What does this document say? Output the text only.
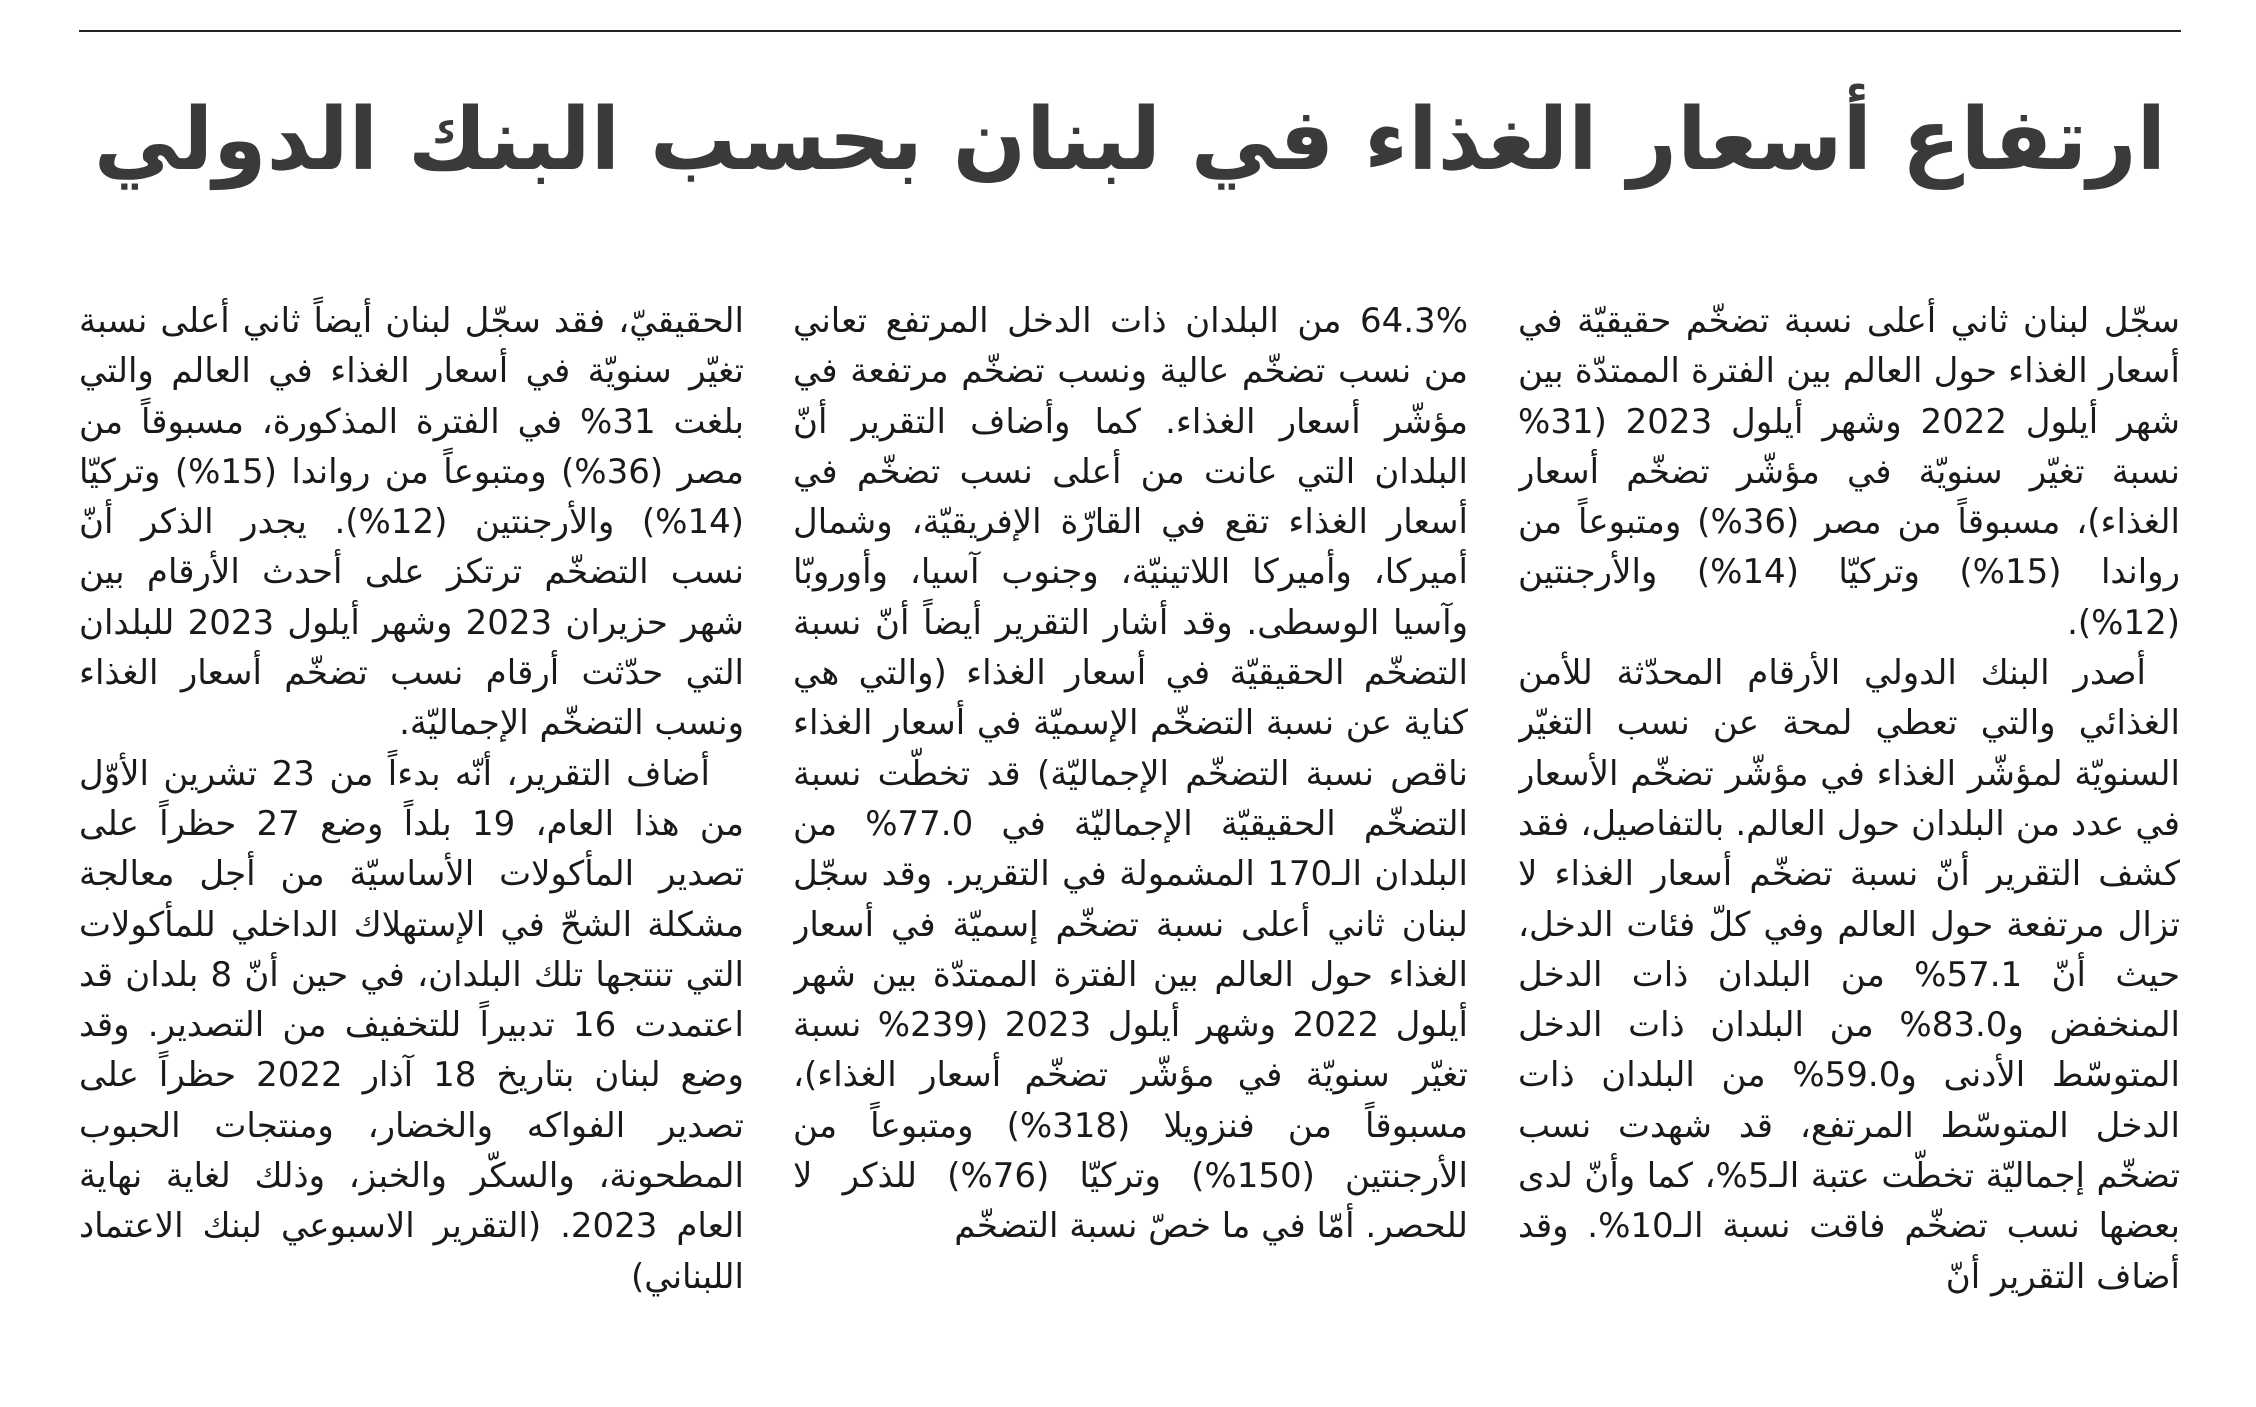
ارتفاع أسعار الغذاء في لبنان بحسب البنك الدولي

سجّل لبنان ثاني أعلى نسبة تضخّم حقيقيّة في أسعار الغذاء حول العالم بين الفترة الممتدّة بين شهر أيلول 2022 وشهر أيلول 2023 (31% نسبة تغيّر سنويّة في مؤشّر تضخّم أسعار الغذاء)، مسبوقاً من مصر (36%) ومتبوعاً من رواندا (15%) وتركيّا (14%) والأرجنتين (12%).

أصدر البنك الدولي الأرقام المحدّثة للأمن الغذائي والتي تعطي لمحة عن نسب التغيّر السنويّة لمؤشّر الغذاء في مؤشّر تضخّم الأسعار في عدد من البلدان حول العالم. بالتفاصيل، فقد كشف التقرير أنّ نسبة تضخّم أسعار الغذاء لا تزال مرتفعة حول العالم وفي كلّ فئات الدخل، حيث أنّ 57.1% من البلدان ذات الدخل المنخفض و83.0% من البلدان ذات الدخل المتوسّط الأدنى و59.0% من البلدان ذات الدخل المتوسّط المرتفع، قد شهدت نسب تضخّم إجماليّة تخطّت عتبة الـ5%، كما وأنّ لدى بعضها نسب تضخّم فاقت نسبة الـ10%. وقد أضاف التقرير أنّ

64.3% من البلدان ذات الدخل المرتفع تعاني من نسب تضخّم عالية ونسب تضخّم مرتفعة في مؤشّر أسعار الغذاء. كما وأضاف التقرير أنّ البلدان التي عانت من أعلى نسب تضخّم في أسعار الغذاء تقع في القارّة الإفريقيّة، وشمال أميركا، وأميركا اللاتينيّة، وجنوب آسيا، وأوروبّا وآسيا الوسطى. وقد أشار التقرير أيضاً أنّ نسبة التضخّم الحقيقيّة في أسعار الغذاء (والتي هي كناية عن نسبة التضخّم الإسميّة في أسعار الغذاء ناقص نسبة التضخّم الإجماليّة) قد تخطّت نسبة التضخّم الحقيقيّة الإجماليّة في 77.0% من البلدان الـ170 المشمولة في التقرير. وقد سجّل لبنان ثاني أعلى نسبة تضخّم إسميّة في أسعار الغذاء حول العالم بين الفترة الممتدّة بين شهر أيلول 2022 وشهر أيلول 2023 (239% نسبة تغيّر سنويّة في مؤشّر تضخّم أسعار الغذاء)، مسبوقاً من فنزويلا (318%) ومتبوعاً من الأرجنتين (150%) وتركيّا (76%) للذكر لا للحصر. أمّا في ما خصّ نسبة التضخّم

الحقيقيّ، فقد سجّل لبنان أيضاً ثاني أعلى نسبة تغيّر سنويّة في أسعار الغذاء في العالم والتي بلغت 31% في الفترة المذكورة، مسبوقاً من مصر (36%) ومتبوعاً من رواندا (15%) وتركيّا (14%) والأرجنتين (12%). يجدر الذكر أنّ نسب التضخّم ترتكز على أحدث الأرقام بين شهر حزيران 2023 وشهر أيلول 2023 للبلدان التي حدّثت أرقام نسب تضخّم أسعار الغذاء ونسب التضخّم الإجماليّة.

أضاف التقرير، أنّه بدءاً من 23 تشرين الأوّل من هذا العام، 19 بلداً وضع 27 حظراً على تصدير المأكولات الأساسيّة من أجل معالجة مشكلة الشحّ في الإستهلاك الداخلي للمأكولات التي تنتجها تلك البلدان، في حين أنّ 8 بلدان قد اعتمدت 16 تدبيراً للتخفيف من التصدير. وقد وضع لبنان بتاريخ 18 آذار 2022 حظراً على تصدير الفواكه والخضار، ومنتجات الحبوب المطحونة، والسكّر والخبز، وذلك لغاية نهاية العام 2023. (التقرير الاسبوعي لبنك الاعتماد اللبناني)
